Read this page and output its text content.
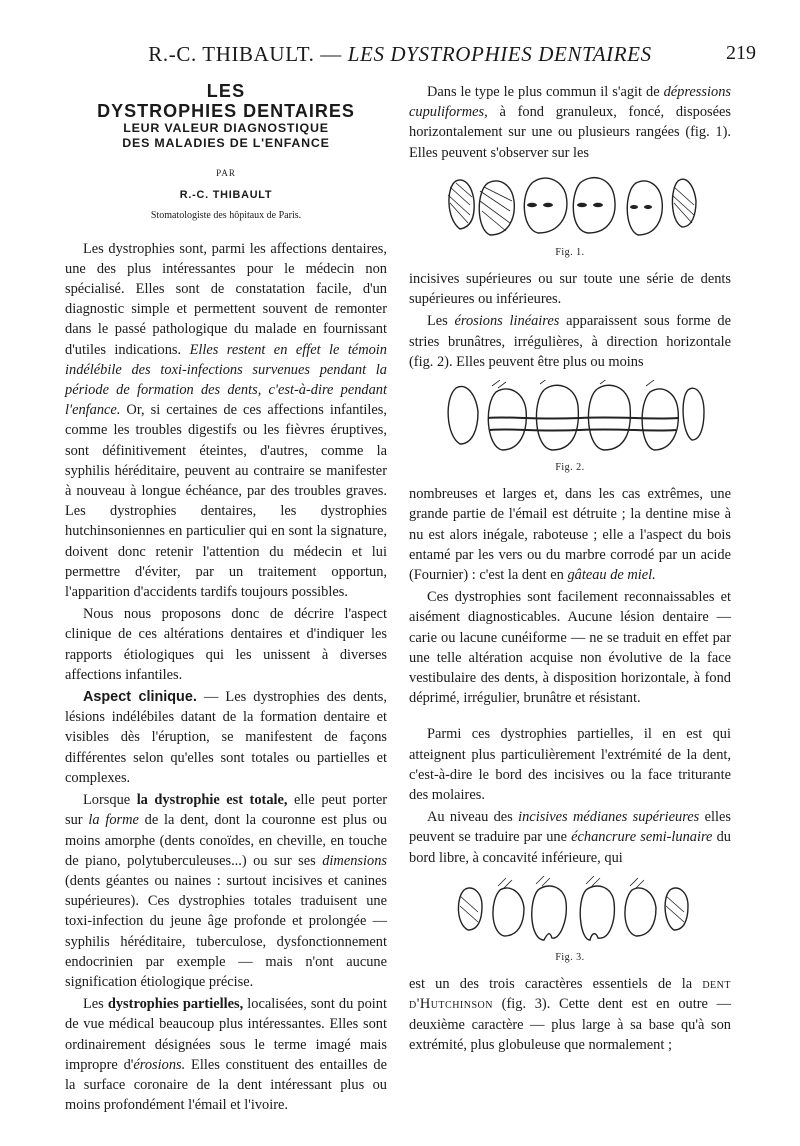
R.-C. THIBAULT. — LES DYSTROPHIES DENTAIRES	219
LES
DYSTROPHIES DENTAIRES
LEUR VALEUR DIAGNOSTIQUE
DES MALADIES DE L'ENFANCE
PAR
R.-C. THIBAULT
Stomatologiste des hôpitaux de Paris.

Les dystrophies sont, parmi les affections dentaires, une des plus intéressantes pour le médecin non spécialisé. Elles sont de constatation facile, d'un diagnostic simple et permettent souvent de remonter dans le passé pathologique du malade en fournissant d'utiles indications. Elles restent en effet le témoin indélébile des toxi-infections survenues pendant la période de formation des dents, c'est-à-dire pendant l'enfance. Or, si certaines de ces affections infantiles, comme les troubles digestifs ou les fièvres éruptives, sont définitivement éteintes, d'autres, comme la syphilis héréditaire, peuvent au contraire se manifester à nouveau à longue échéance, par des troubles graves. Les dystrophies dentaires, les dystrophies hutchinsoniennes en particulier qui en sont la signature, doivent donc retenir l'attention du médecin et lui permettre d'éviter, par un traitement opportun, l'apparition d'accidents tardifs toujours possibles.

Nous nous proposons donc de décrire l'aspect clinique de ces altérations dentaires et d'indiquer les rapports étiologiques qui les unissent à diverses affections infantiles.

Aspect clinique. — Les dystrophies des dents, lésions indélébiles datant de la formation dentaire et visibles dès l'éruption, se manifestent de façons différentes selon qu'elles sont totales ou partielles et complexes.

Lorsque la dystrophie est totale, elle peut porter sur la forme de la dent, dont la couronne est plus ou moins amorphe (dents conoïdes, en cheville, en touche de piano, polytuberculeuses...) ou sur ses dimensions (dents géantes ou naines : surtout incisives et canines supérieures). Ces dystrophies totales traduisent une toxi-infection du jeune âge profonde et prolongée — syphilis héréditaire, tuberculose, dysfonctionnement endocrinien par exemple — mais n'ont aucune signification étiologique précise.

Les dystrophies partielles, localisées, sont du point de vue médical beaucoup plus intéressantes. Elles sont ordinairement désignées sous le terme imagé mais impropre d'érosions. Elles constituent des entailles de la surface coronaire de la dent intéressant plus ou moins profondément l'émail et l'ivoire.

Dans le type le plus commun il s'agit de dépressions cupuliformes, à fond granuleux, foncé, disposées horizontalement sur une ou plusieurs rangées (fig. 1). Elles peuvent s'observer sur les

Fig. 1.

incisives supérieures ou sur toute une série de dents supérieures ou inférieures.

Les érosions linéaires apparaissent sous forme de stries brunâtres, irrégulières, à direction horizontale (fig. 2). Elles peuvent être plus ou moins

Fig. 2.

nombreuses et larges et, dans les cas extrêmes, une grande partie de l'émail est détruite ; la dentine mise à nu est alors inégale, raboteuse ; elle a l'aspect du bois entamé par les vers ou du marbre corrodé par un acide (Fournier) : c'est la dent en gâteau de miel.

Ces dystrophies sont facilement reconnaissables et aisément diagnosticables. Aucune lésion dentaire — carie ou lacune cunéiforme — ne se traduit en effet par une telle altération acquise non évolutive de la face vestibulaire des dents, à disposition horizontale, à fond déprimé, irrégulier, brunâtre et résistant.

Parmi ces dystrophies partielles, il en est qui atteignent plus particulièrement l'extrémité de la dent, c'est-à-dire le bord des incisives ou la face triturante des molaires.

Au niveau des incisives médianes supérieures elles peuvent se traduire par une échancrure semi-lunaire du bord libre, à concavité inférieure, qui

Fig. 3.

est un des trois caractères essentiels de la dent d'Hutchinson (fig. 3). Cette dent est en outre — deuxième caractère — plus large à sa base qu'à son extrémité, plus globuleuse que normalement ;
